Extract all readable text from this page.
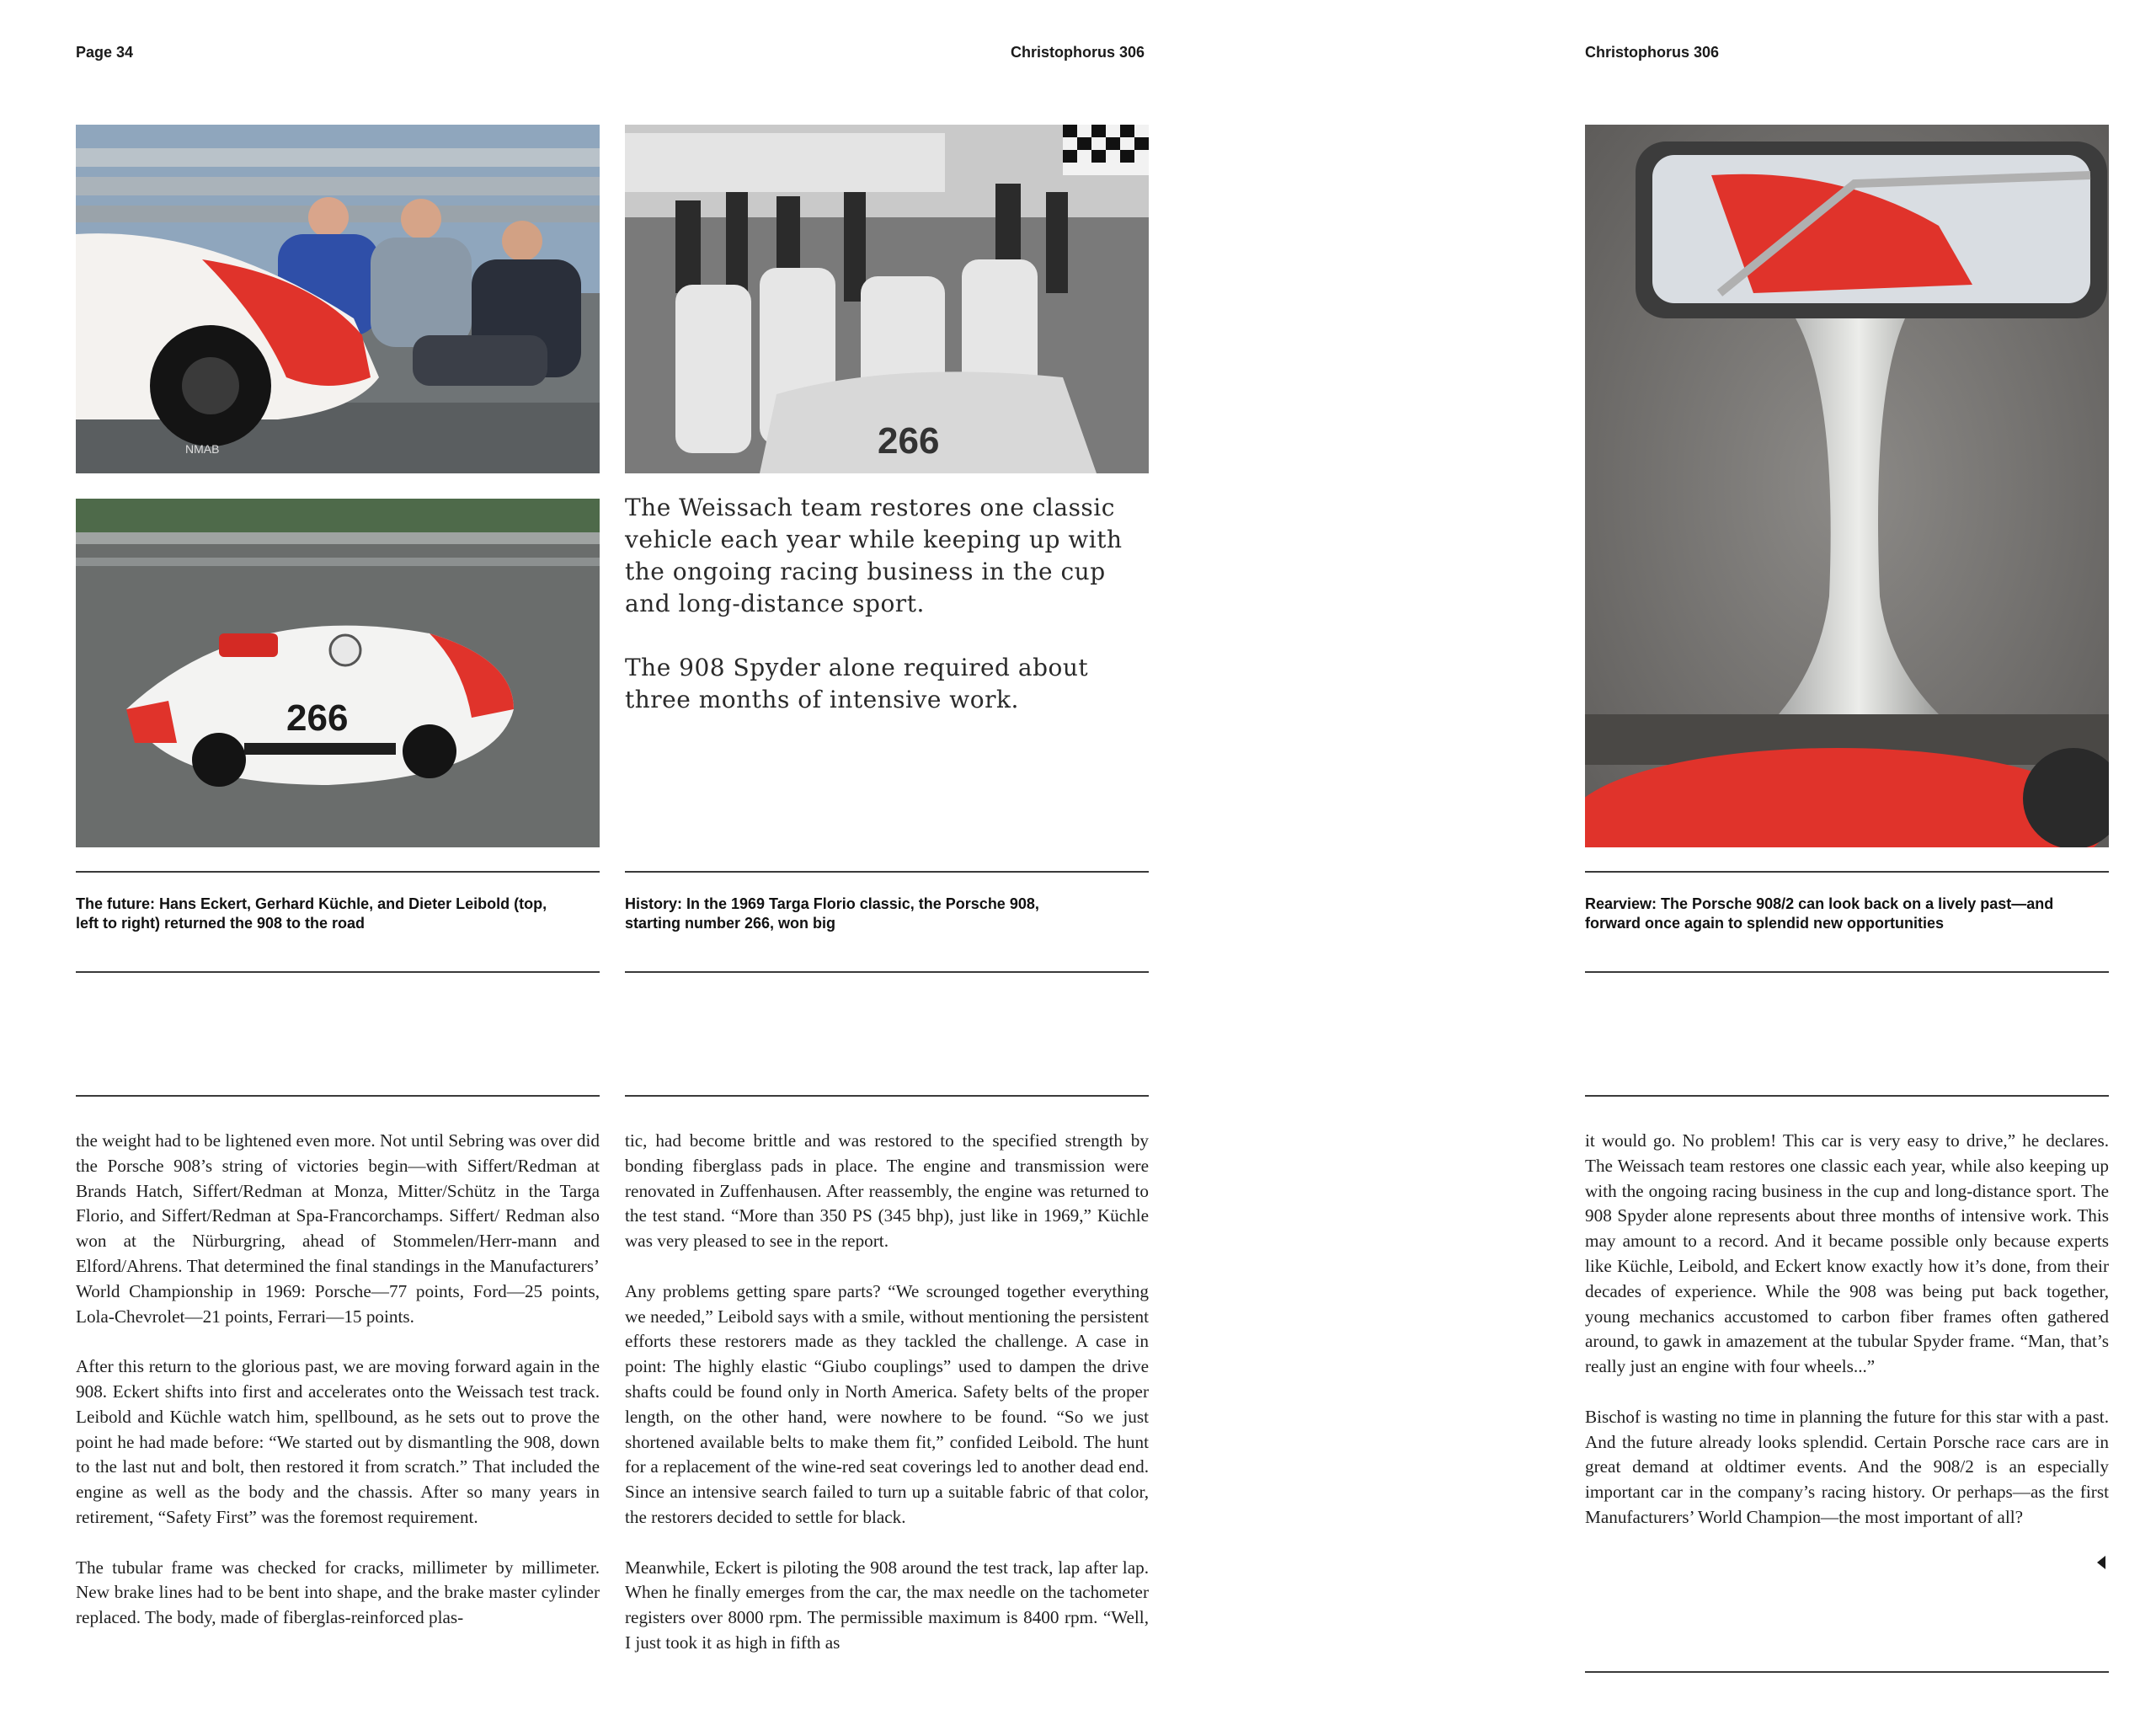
Page 34	Christophorus 306	Christophorus 306
NMAB	266
266

The Weissach team restores one classic vehicle each year while keeping up with the ongoing racing business in the cup and long-distance sport.

The 908 Spyder alone required about three months of intensive work.

The future: Hans Eckert, Gerhard Küchle, and Dieter Leibold (top, left to right) returned the 908 to the road
History: In the 1969 Targa Florio classic, the Porsche 908, starting number 266, won big
Rearview: The Porsche 908/2 can look back on a lively past—and forward once again to splendid new opportunities

the weight had to be lightened even more. Not until Sebring was over did the Porsche 908’s string of victories begin—with Siffert/Redman at Brands Hatch, Siffert/Redman at Monza, Mitter/Schütz in the Targa Florio, and Siffert/Redman at Spa-Francorchamps. Siffert/ Redman also won at the Nürburgring, ahead of Stommelen/Herr-mann and Elford/Ahrens. That determined the final standings in the Manufacturers’ World Championship in 1969: Porsche—77 points, Ford—25 points, Lola-Chevrolet—21 points, Ferrari—15 points.

After this return to the glorious past, we are moving forward again in the 908. Eckert shifts into first and accelerates onto the Weissach test track. Leibold and Küchle watch him, spellbound, as he sets out to prove the point he had made before: “We started out by dismantling the 908, down to the last nut and bolt, then restored it from scratch.” That included the engine as well as the body and the chassis. After so many years in retirement, “Safety First” was the foremost requirement.

The tubular frame was checked for cracks, millimeter by millimeter. New brake lines had to be bent into shape, and the brake master cylinder replaced. The body, made of fiberglas-reinforced plas-

tic, had become brittle and was restored to the specified strength by bonding fiberglass pads in place. The engine and transmission were renovated in Zuffenhausen. After reassembly, the engine was returned to the test stand. “More than 350 PS (345 bhp), just like in 1969,” Küchle was very pleased to see in the report.

Any problems getting spare parts? “We scrounged together everything we needed,” Leibold says with a smile, without mentioning the persistent efforts these restorers made as they tackled the challenge. A case in point: The highly elastic “Giubo couplings” used to dampen the drive shafts could be found only in North America. Safety belts of the proper length, on the other hand, were nowhere to be found. “So we just shortened available belts to make them fit,” confided Leibold. The hunt for a replacement of the wine-red seat coverings led to another dead end. Since an intensive search failed to turn up a suitable fabric of that color, the restorers decided to settle for black.

Meanwhile, Eckert is piloting the 908 around the test track, lap after lap. When he finally emerges from the car, the max needle on the tachometer registers over 8000 rpm. The permissible maximum is 8400 rpm. “Well, I just took it as high in fifth as

it would go. No problem! This car is very easy to drive,” he declares. The Weissach team restores one classic each year, while also keeping up with the ongoing racing business in the cup and long-distance sport. The 908 Spyder alone represents about three months of intensive work. This may amount to a record. And it became possible only because experts like Küchle, Leibold, and Eckert know exactly how it’s done, from their decades of experience. While the 908 was being put back together, young mechanics accustomed to carbon fiber frames often gathered around, to gawk in amazement at the tubular Spyder frame. “Man, that’s really just an engine with four wheels...”

Bischof is wasting no time in planning the future for this star with a past. And the future already looks splendid. Certain Porsche race cars are in great demand at oldtimer events. And the 908/2 is an especially important car in the company’s racing history. Or perhaps—as the first Manufacturers’ World Champion—the most important of all?
